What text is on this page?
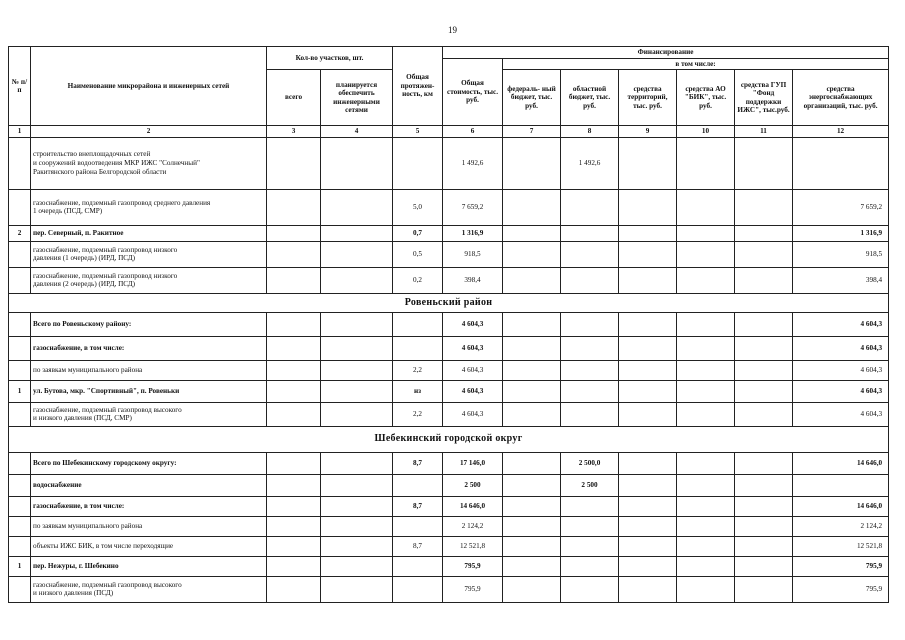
19
№ п/п	Наименование микрорайона и инженерных сетей	Кол-во участков, шт.		Общая протяжен- ность, км	Финансирование						
					Общая стоимость, тыс. руб.	в том числе:					
		всего	планируется обеспечить инженерными сетями			федераль- ный бюджет, тыс. руб.	областной бюджет, тыс. руб.	средства территорий, тыс. руб.	средства АО "БИК", тыс. руб.	средства ГУП "Фонд поддержки ИЖС", тыс.руб.	средства энергоснабжающих организаций, тыс. руб.
1	2	3	4	5	6	7	8	9	10	11	12
	строительство внеплощадочных сетей
и сооружений водоотведения МКР ИЖС "Солнечный"
Ракитянского района Белгородской области				1 492,6		1 492,6				
	газоснабжение, подземный газопровод среднего давления
1 очередь (ПСД, СМР)			5,0	7 659,2						7 659,2
2	пер. Северный, п. Ракитное			0,7	1 316,9						1 316,9
	газоснабжение, подземный газопровод низкого
давления (1 очередь) (ИРД, ПСД)			0,5	918,5						918,5
	газоснабжение, подземный газопровод низкого
давления (2 очередь) (ИРД, ПСД)			0,2	398,4						398,4
Ровеньский район											
	Всего по Ровеньскому району:				4 604,3						4 604,3
	газоснабжение, в том числе:				4 604,3						4 604,3
	по заявкам муниципального района			2,2	4 604,3						4 604,3
1	ул. Бутова, мкр. "Спортивный", п. Ровеньки			нз	4 604,3						4 604,3
	газоснабжение, подземный газопровод высокого
и низкого давления (ПСД, СМР)			2,2	4 604,3						4 604,3
Шебекинский городской округ											
	Всего по Шебекинскому городскому округу:			8,7	17 146,0		2 500,0				14 646,0
	водоснабжение				2 500		2 500				
	газоснабжение, в том числе:			8,7	14 646,0						14 646,0
	по заявкам муниципального района				2 124,2						2 124,2
	объекты ИЖС БИК, в том числе переходящие			8,7	12 521,8						12 521,8
1	пер. Нежуры, г. Шебекино				795,9						795,9
	газоснабжение, подземный газопровод высокого
и низкого давления (ПСД)				795,9						795,9
